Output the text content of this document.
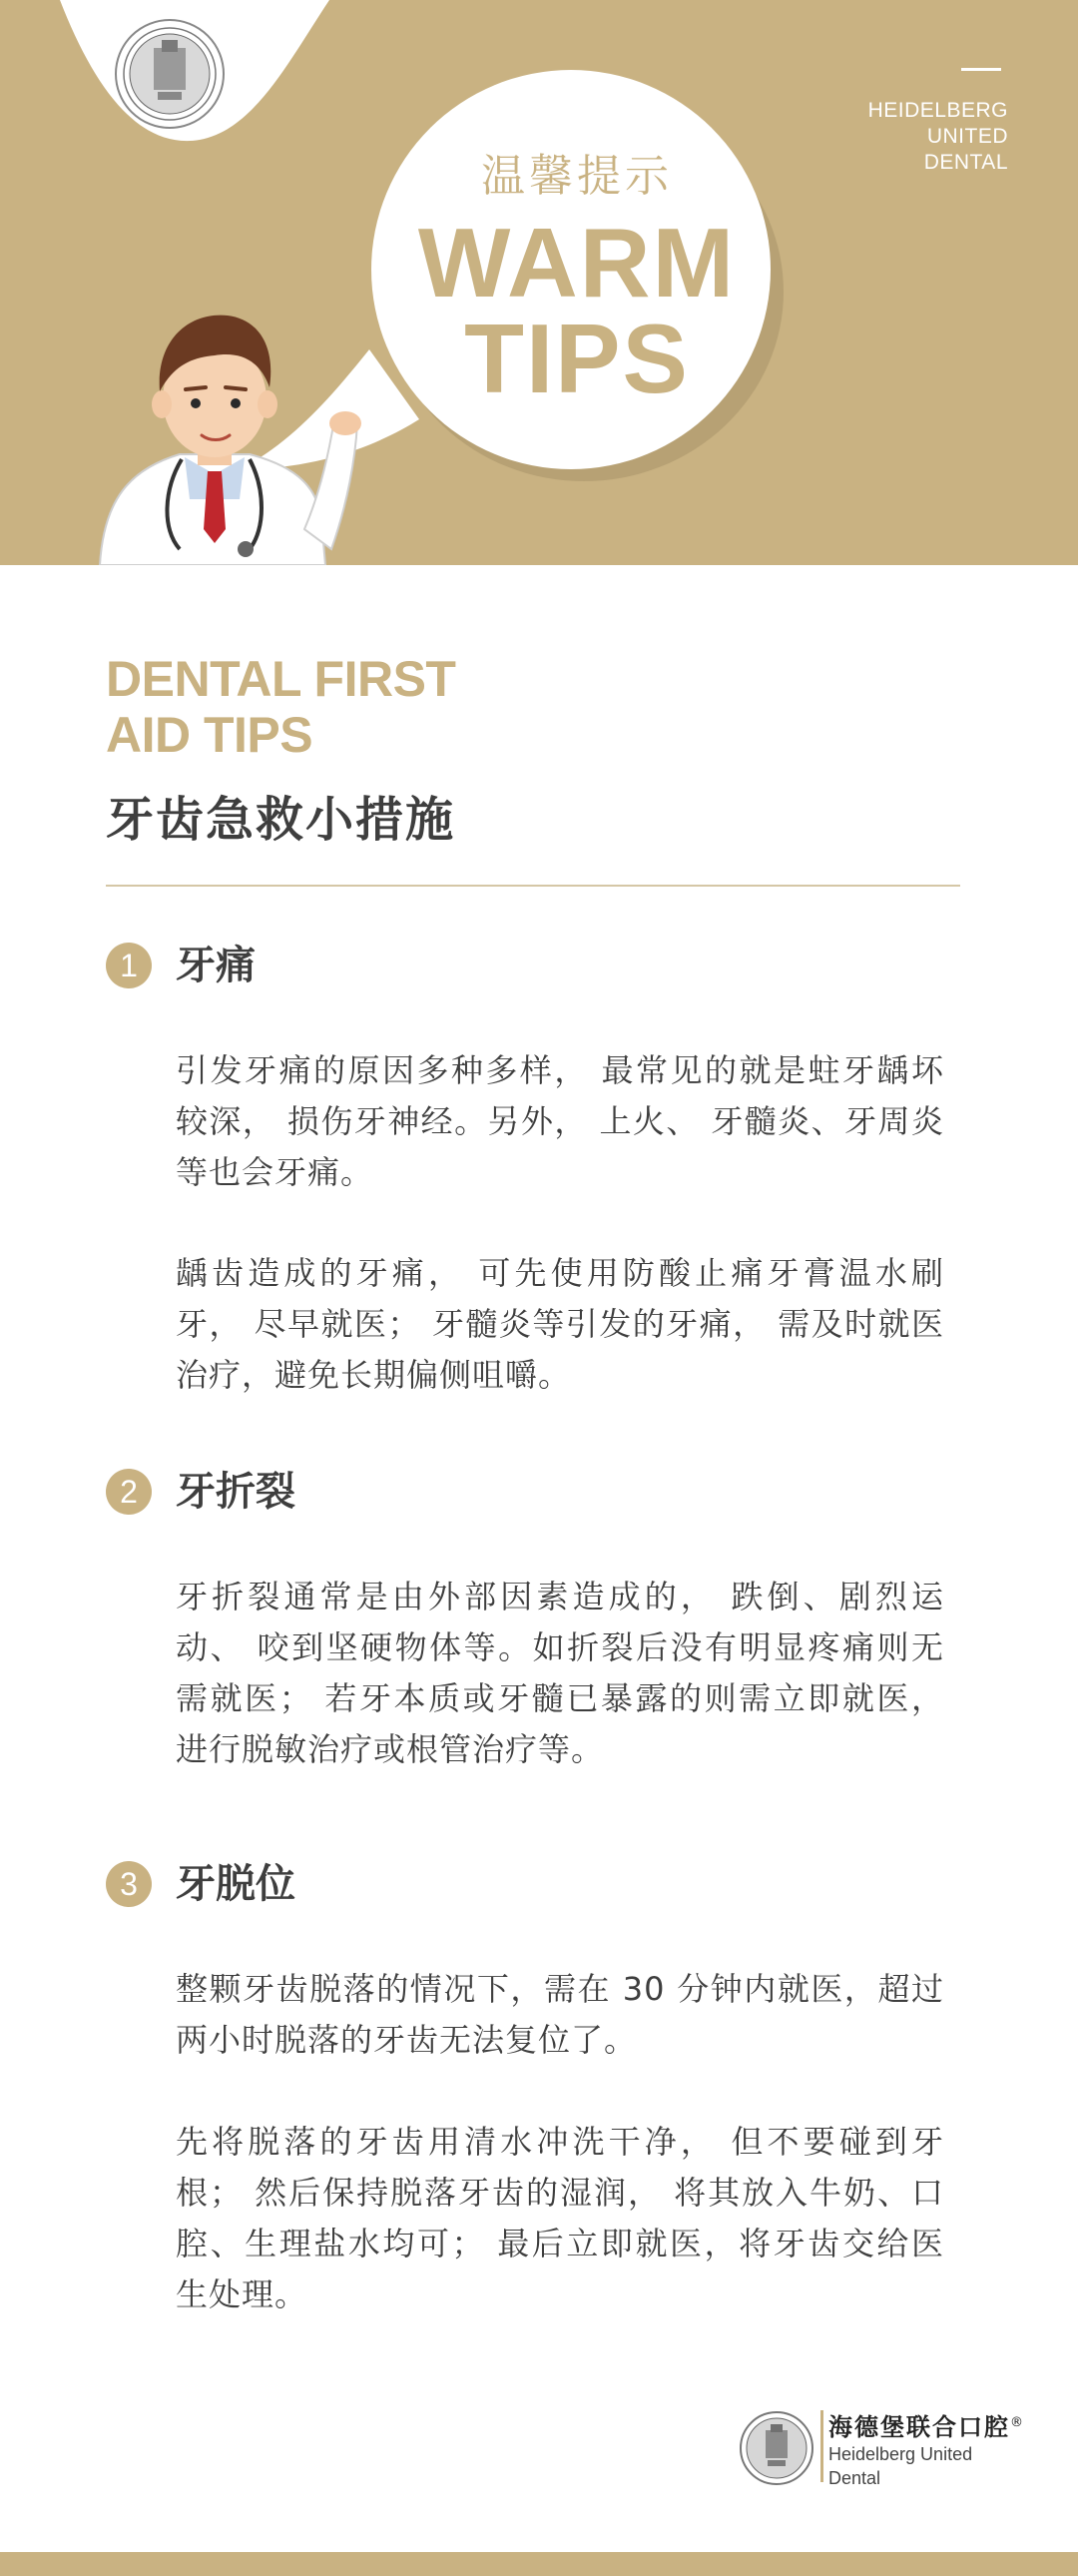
HEIDELBERG
UNITED
DENTAL
温馨提示
WARM
TIPS
DENTAL FIRST
AID TIPS
牙齿急救小措施
1 牙痛
引发牙痛的原因多种多样， 最常见的就是蛀牙龋坏较深， 损伤牙神经。另外， 上火、 牙髓炎、牙周炎等也会牙痛。
龋齿造成的牙痛， 可先使用防酸止痛牙膏温水刷牙， 尽早就医； 牙髓炎等引发的牙痛， 需及时就医治疗，避免长期偏侧咀嚼。
2 牙折裂
牙折裂通常是由外部因素造成的， 跌倒、剧烈运动、 咬到坚硬物体等。如折裂后没有明显疼痛则无需就医； 若牙本质或牙髓已暴露的则需立即就医，进行脱敏治疗或根管治疗等。
3 牙脱位
整颗牙齿脱落的情况下，需在 30 分钟内就医，超过两小时脱落的牙齿无法复位了。
先将脱落的牙齿用清水冲洗干净， 但不要碰到牙根； 然后保持脱落牙齿的湿润， 将其放入牛奶、口腔、生理盐水均可； 最后立即就医，将牙齿交给医生处理。
海德堡联合口腔®
Heidelberg United
Dental
